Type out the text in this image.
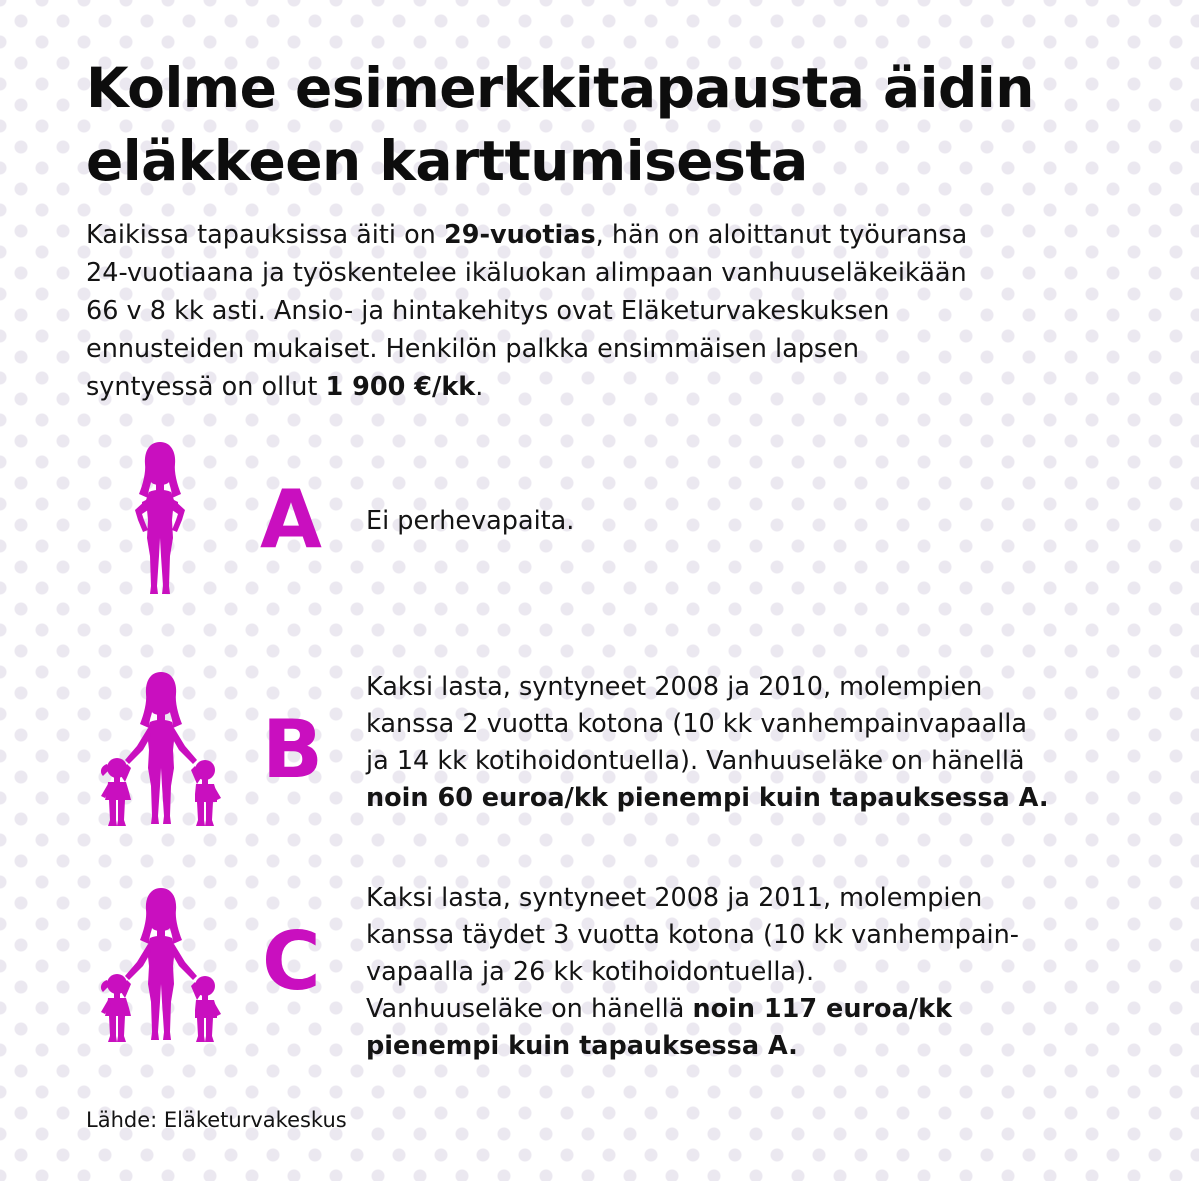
Kolme esimerkkitapausta äidin
eläkkeen karttumisesta

Kaikissa tapauksissa äiti on 29-vuotias, hän on aloittanut työuransa
24-vuotiaana ja työskentelee ikäluokan alimpaan vanhuuseläkeikään
66 v 8 kk asti. Ansio- ja hintakehitys ovat Eläketurvakeskuksen
ennusteiden mukaiset. Henkilön palkka ensimmäisen lapsen
syntyessä on ollut 1 900 €/kk.

A Ei perhevapaita.

B

Kaksi lasta, syntyneet 2008 ja 2010, molempien
kanssa 2 vuotta kotona (10 kk vanhempainvapaalla
ja 14 kk kotihoidontuella). Vanhuuseläke on hänellä
noin 60 euroa/kk pienempi kuin tapauksessa A.

C

Kaksi lasta, syntyneet 2008 ja 2011, molempien
kanssa täydet 3 vuotta kotona (10 kk vanhempain-
vapaalla ja 26 kk kotihoidontuella).
Vanhuuseläke on hänellä noin 117 euroa/kk
pienempi kuin tapauksessa A.

Lähde: Eläketurvakeskus
